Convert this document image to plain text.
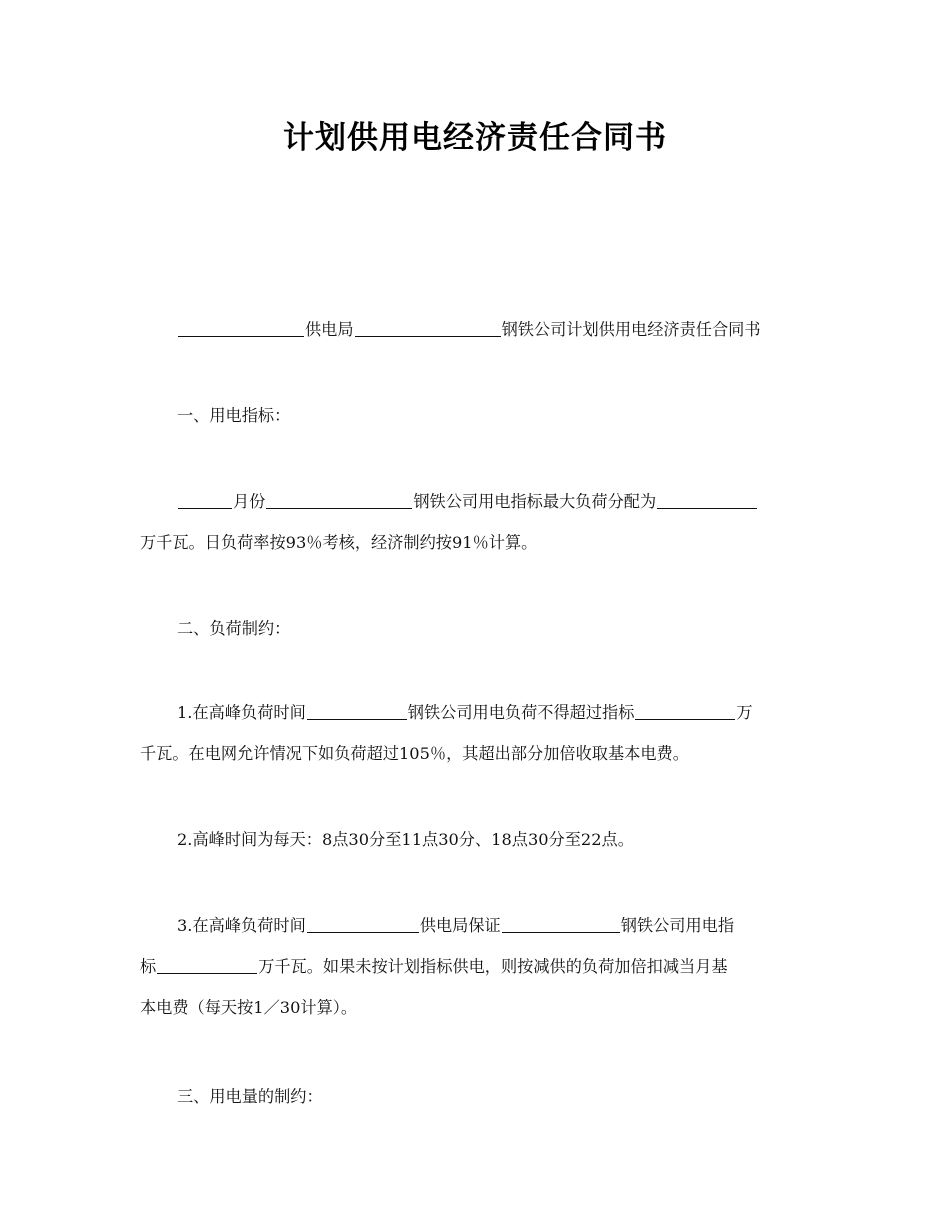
计划供用电经济责任合同书

供电局	钢铁公司计划供用电经济责任合同书

一、用电指标：

月份	钢铁公司用电指标最大负荷分配为
万千瓦。日负荷率按93％考核，经济制约按91％计算。

二、负荷制约：

1.在高峰负荷时间	钢铁公司用电负荷不得超过指标	万
千瓦。在电网允许情况下如负荷超过105％，其超出部分加倍收取基本电费。

2.高峰时间为每天：8点30分至11点30分、18点30分至22点。

3.在高峰负荷时间	供电局保证	钢铁公司用电指
标	万千瓦。如果未按计划指标供电，则按减供的负荷加倍扣减当月基
本电费（每天按1／30计算）。

三、用电量的制约：
